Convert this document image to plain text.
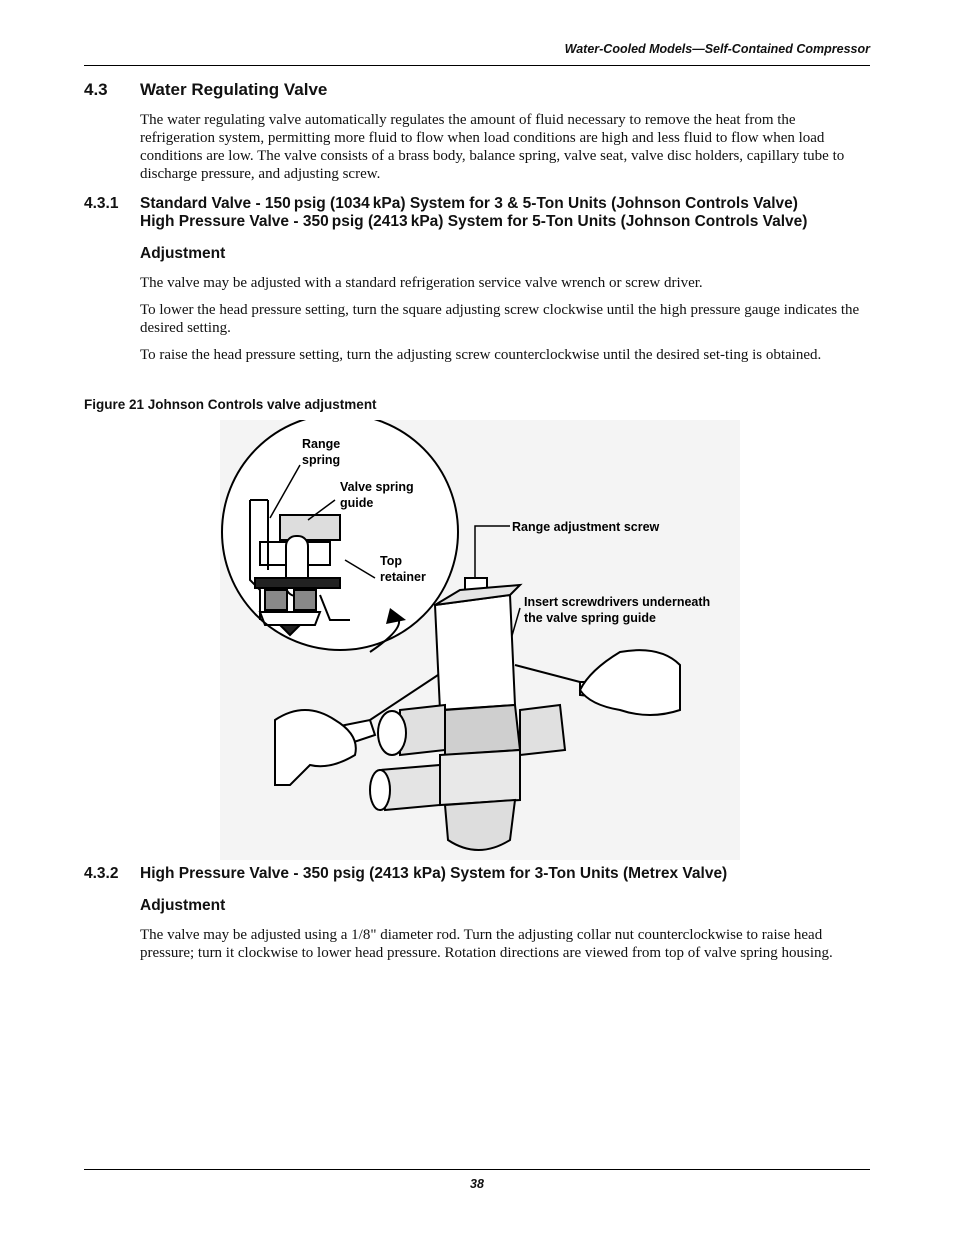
Water-Cooled Models—Self-Contained Compressor
4.3 Water Regulating Valve
The water regulating valve automatically regulates the amount of fluid necessary to remove the heat from the refrigeration system, permitting more fluid to flow when load conditions are high and less fluid to flow when load conditions are low. The valve consists of a brass body, balance spring, valve seat, valve disc holders, capillary tube to discharge pressure, and adjusting screw.
4.3.1	Standard Valve - 150 psig (1034 kPa) System for 3 & 5-Ton Units (Johnson Controls Valve)
High Pressure Valve - 350 psig (2413 kPa) System for 5-Ton Units (Johnson Controls Valve)
Adjustment
The valve may be adjusted with a standard refrigeration service valve wrench or screw driver.
To lower the head pressure setting, turn the square adjusting screw clockwise until the high pressure gauge indicates the desired setting.
To raise the head pressure setting, turn the adjusting screw counterclockwise until the desired set-ting is obtained.
Figure 21 Johnson Controls valve adjustment
Range
spring
Valve spring
guide
Top
retainer
Range adjustment screw
Insert screwdrivers underneath
the valve spring guide
4.3.2	High Pressure Valve - 350 psig (2413 kPa) System for 3-Ton Units (Metrex Valve)
Adjustment
The valve may be adjusted using a 1/8" diameter rod. Turn the adjusting collar nut counterclockwise to raise head pressure; turn it clockwise to lower head pressure. Rotation directions are viewed from top of valve spring housing.
38
